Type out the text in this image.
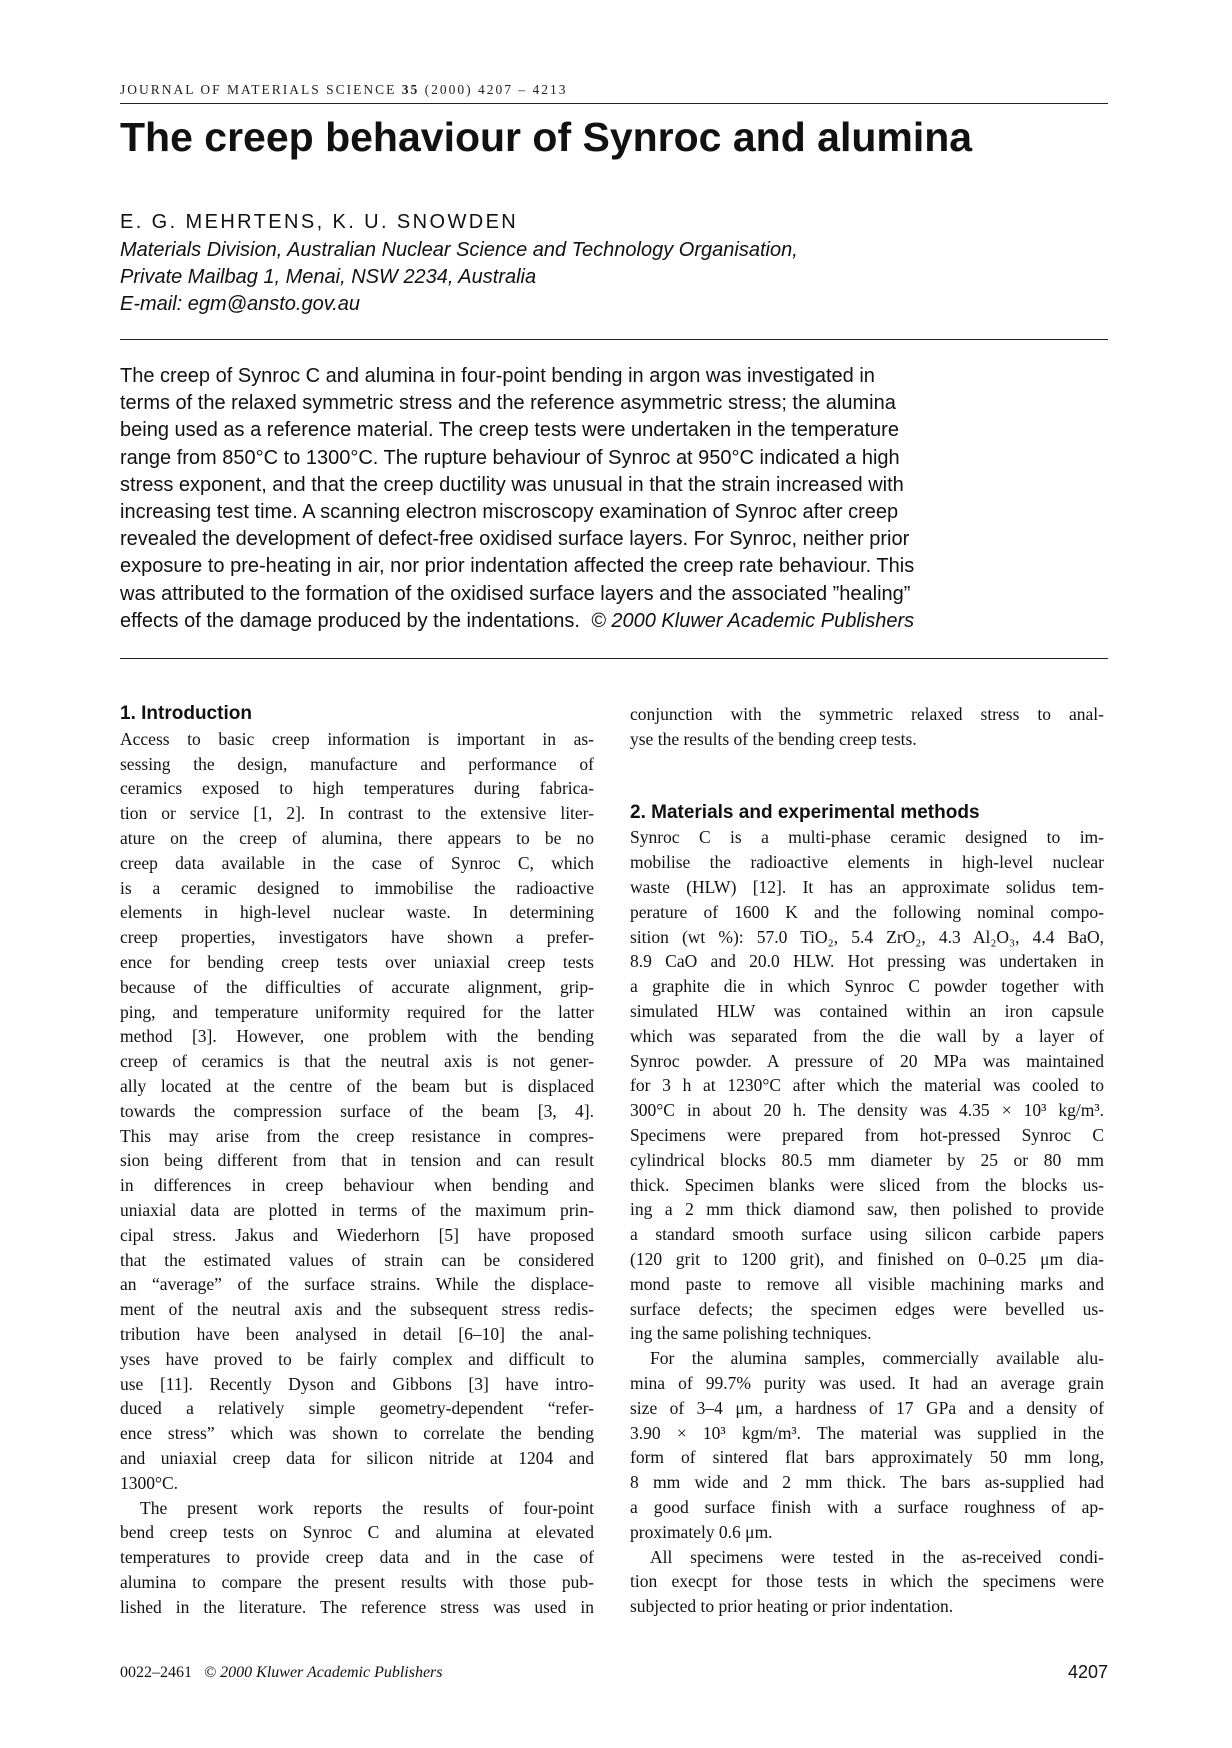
JOURNAL OF MATERIALS SCIENCE 35 (2000) 4207 – 4213
The creep behaviour of Synroc and alumina
E. G. MEHRTENS, K. U. SNOWDEN
Materials Division, Australian Nuclear Science and Technology Organisation,
Private Mailbag 1, Menai, NSW 2234, Australia
E-mail: egm@ansto.gov.au
The creep of Synroc C and alumina in four-point bending in argon was investigated in
terms of the relaxed symmetric stress and the reference asymmetric stress; the alumina
being used as a reference material. The creep tests were undertaken in the temperature
range from 850°C to 1300°C. The rupture behaviour of Synroc at 950°C indicated a high
stress exponent, and that the creep ductility was unusual in that the strain increased with
increasing test time. A scanning electron miscroscopy examination of Synroc after creep
revealed the development of defect-free oxidised surface layers. For Synroc, neither prior
exposure to pre-heating in air, nor prior indentation affected the creep rate behaviour. This
was attributed to the formation of the oxidised surface layers and the associated ”healing”
effects of the damage produced by the indentations. © 2000 Kluwer Academic Publishers
1. Introduction
Access to basic creep information is important in as-
sessing the design, manufacture and performance of
ceramics exposed to high temperatures during fabrica-
tion or service [1, 2]. In contrast to the extensive liter-
ature on the creep of alumina, there appears to be no
creep data available in the case of Synroc C, which
is a ceramic designed to immobilise the radioactive
elements in high-level nuclear waste. In determining
creep properties, investigators have shown a prefer-
ence for bending creep tests over uniaxial creep tests
because of the difficulties of accurate alignment, grip-
ping, and temperature uniformity required for the latter
method [3]. However, one problem with the bending
creep of ceramics is that the neutral axis is not gener-
ally located at the centre of the beam but is displaced
towards the compression surface of the beam [3, 4].
This may arise from the creep resistance in compres-
sion being different from that in tension and can result
in differences in creep behaviour when bending and
uniaxial data are plotted in terms of the maximum prin-
cipal stress. Jakus and Wiederhorn [5] have proposed
that the estimated values of strain can be considered
an “average” of the surface strains. While the displace-
ment of the neutral axis and the subsequent stress redis-
tribution have been analysed in detail [6–10] the anal-
yses have proved to be fairly complex and difficult to
use [11]. Recently Dyson and Gibbons [3] have intro-
duced a relatively simple geometry-dependent “refer-
ence stress” which was shown to correlate the bending
and uniaxial creep data for silicon nitride at 1204 and
1300°C.
The present work reports the results of four-point
bend creep tests on Synroc C and alumina at elevated
temperatures to provide creep data and in the case of
alumina to compare the present results with those pub-
lished in the literature. The reference stress was used in
conjunction with the symmetric relaxed stress to anal-
yse the results of the bending creep tests.
2. Materials and experimental methods
Synroc C is a multi-phase ceramic designed to im-
mobilise the radioactive elements in high-level nuclear
waste (HLW) [12]. It has an approximate solidus tem-
perature of 1600 K and the following nominal compo-
sition (wt %): 57.0 TiO₂, 5.4 ZrO₂, 4.3 Al₂O₃, 4.4 BaO,
8.9 CaO and 20.0 HLW. Hot pressing was undertaken in
a graphite die in which Synroc C powder together with
simulated HLW was contained within an iron capsule
which was separated from the die wall by a layer of
Synroc powder. A pressure of 20 MPa was maintained
for 3 h at 1230°C after which the material was cooled to
300°C in about 20 h. The density was 4.35 × 10³ kg/m³.
Specimens were prepared from hot-pressed Synroc C
cylindrical blocks 80.5 mm diameter by 25 or 80 mm
thick. Specimen blanks were sliced from the blocks us-
ing a 2 mm thick diamond saw, then polished to provide
a standard smooth surface using silicon carbide papers
(120 grit to 1200 grit), and finished on 0–0.25 μm dia-
mond paste to remove all visible machining marks and
surface defects; the specimen edges were bevelled us-
ing the same polishing techniques.
For the alumina samples, commercially available alu-
mina of 99.7% purity was used. It had an average grain
size of 3–4 μm, a hardness of 17 GPa and a density of
3.90 × 10³ kgm/m³. The material was supplied in the
form of sintered flat bars approximately 50 mm long,
8 mm wide and 2 mm thick. The bars as-supplied had
a good surface finish with a surface roughness of ap-
proximately 0.6 μm.
All specimens were tested in the as-received condi-
tion execpt for those tests in which the specimens were
subjected to prior heating or prior indentation.
0022–2461 © 2000 Kluwer Academic Publishers	4207
